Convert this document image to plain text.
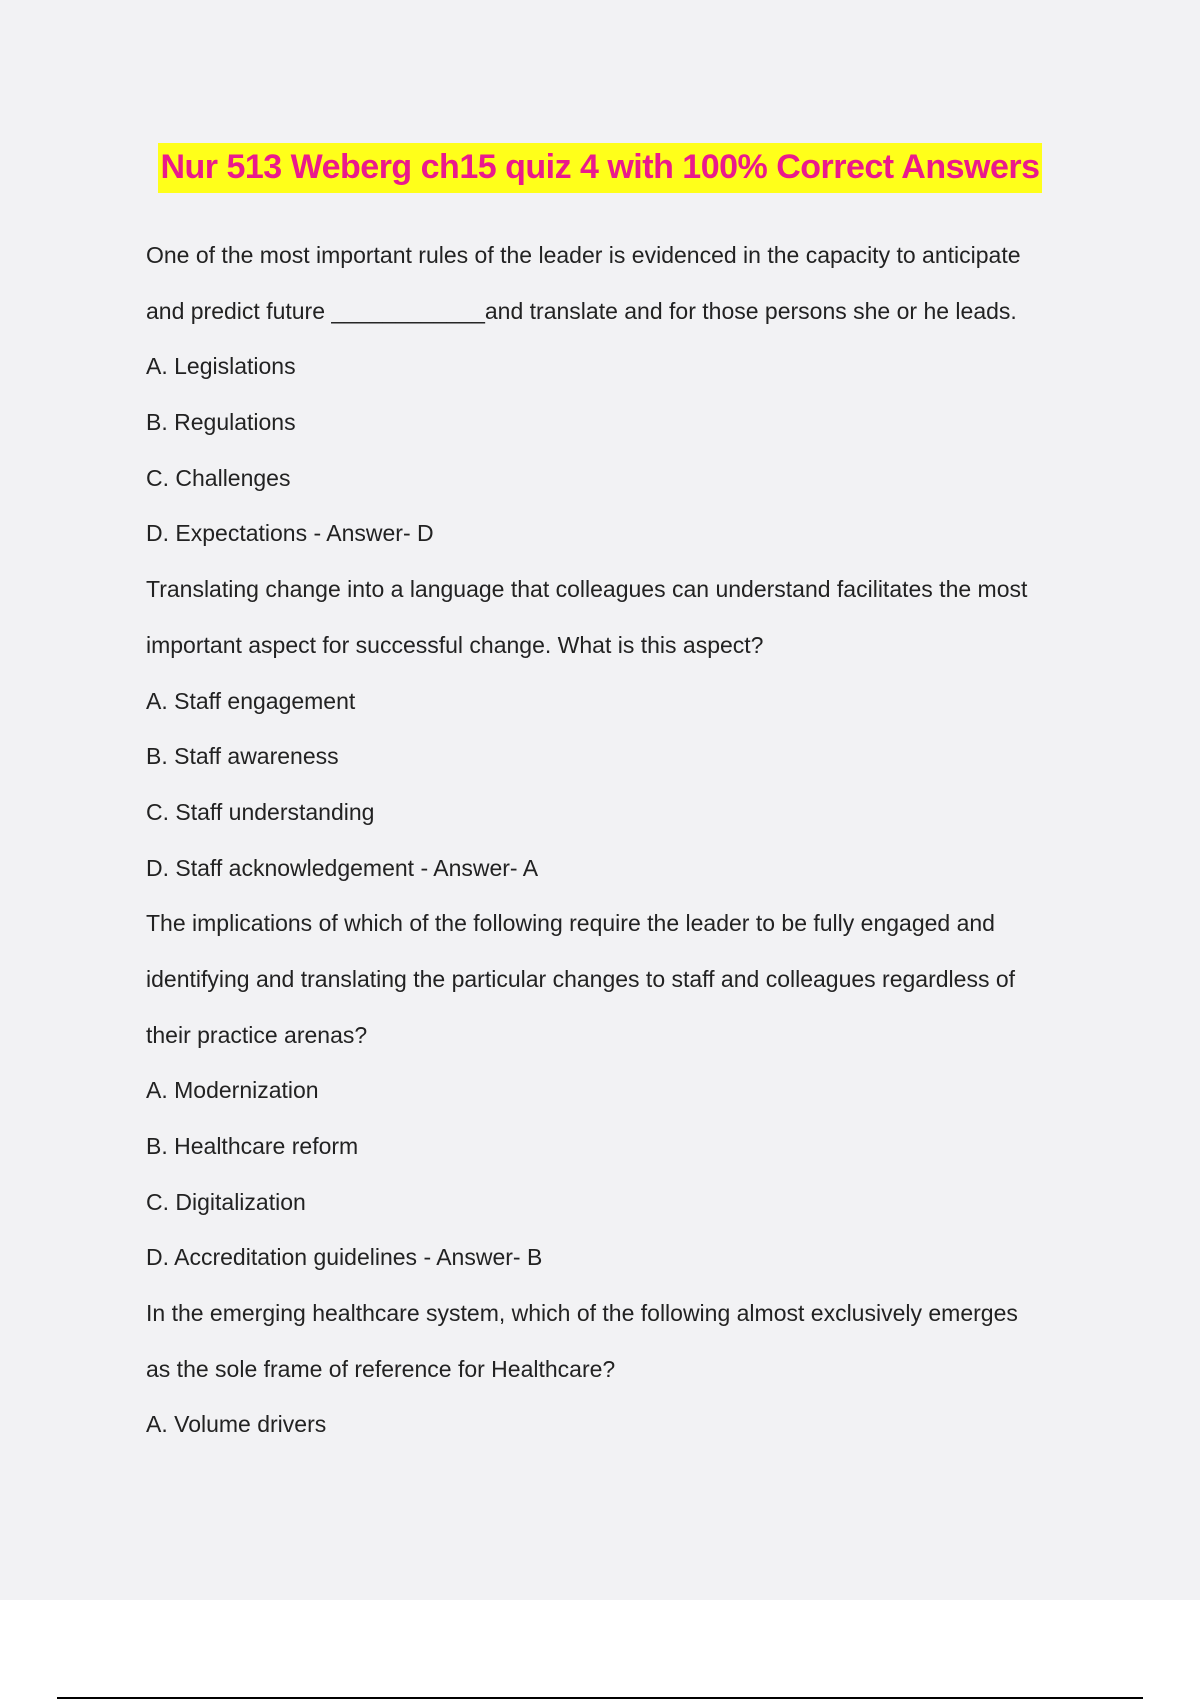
Nur 513 Weberg ch15 quiz 4 with 100% Correct Answers
One of the most important rules of the leader is evidenced in the capacity to anticipate
and predict future ____________and translate and for those persons she or he leads.
A. Legislations
B. Regulations
C. Challenges
D. Expectations - Answer- D
Translating change into a language that colleagues can understand facilitates the most
important aspect for successful change. What is this aspect?
A. Staff engagement
B. Staff awareness
C. Staff understanding
D. Staff acknowledgement - Answer- A
The implications of which of the following require the leader to be fully engaged and
identifying and translating the particular changes to staff and colleagues regardless of
their practice arenas?
A. Modernization
B. Healthcare reform
C. Digitalization
D. Accreditation guidelines - Answer- B
In the emerging healthcare system, which of the following almost exclusively emerges
as the sole frame of reference for Healthcare?
A. Volume drivers
